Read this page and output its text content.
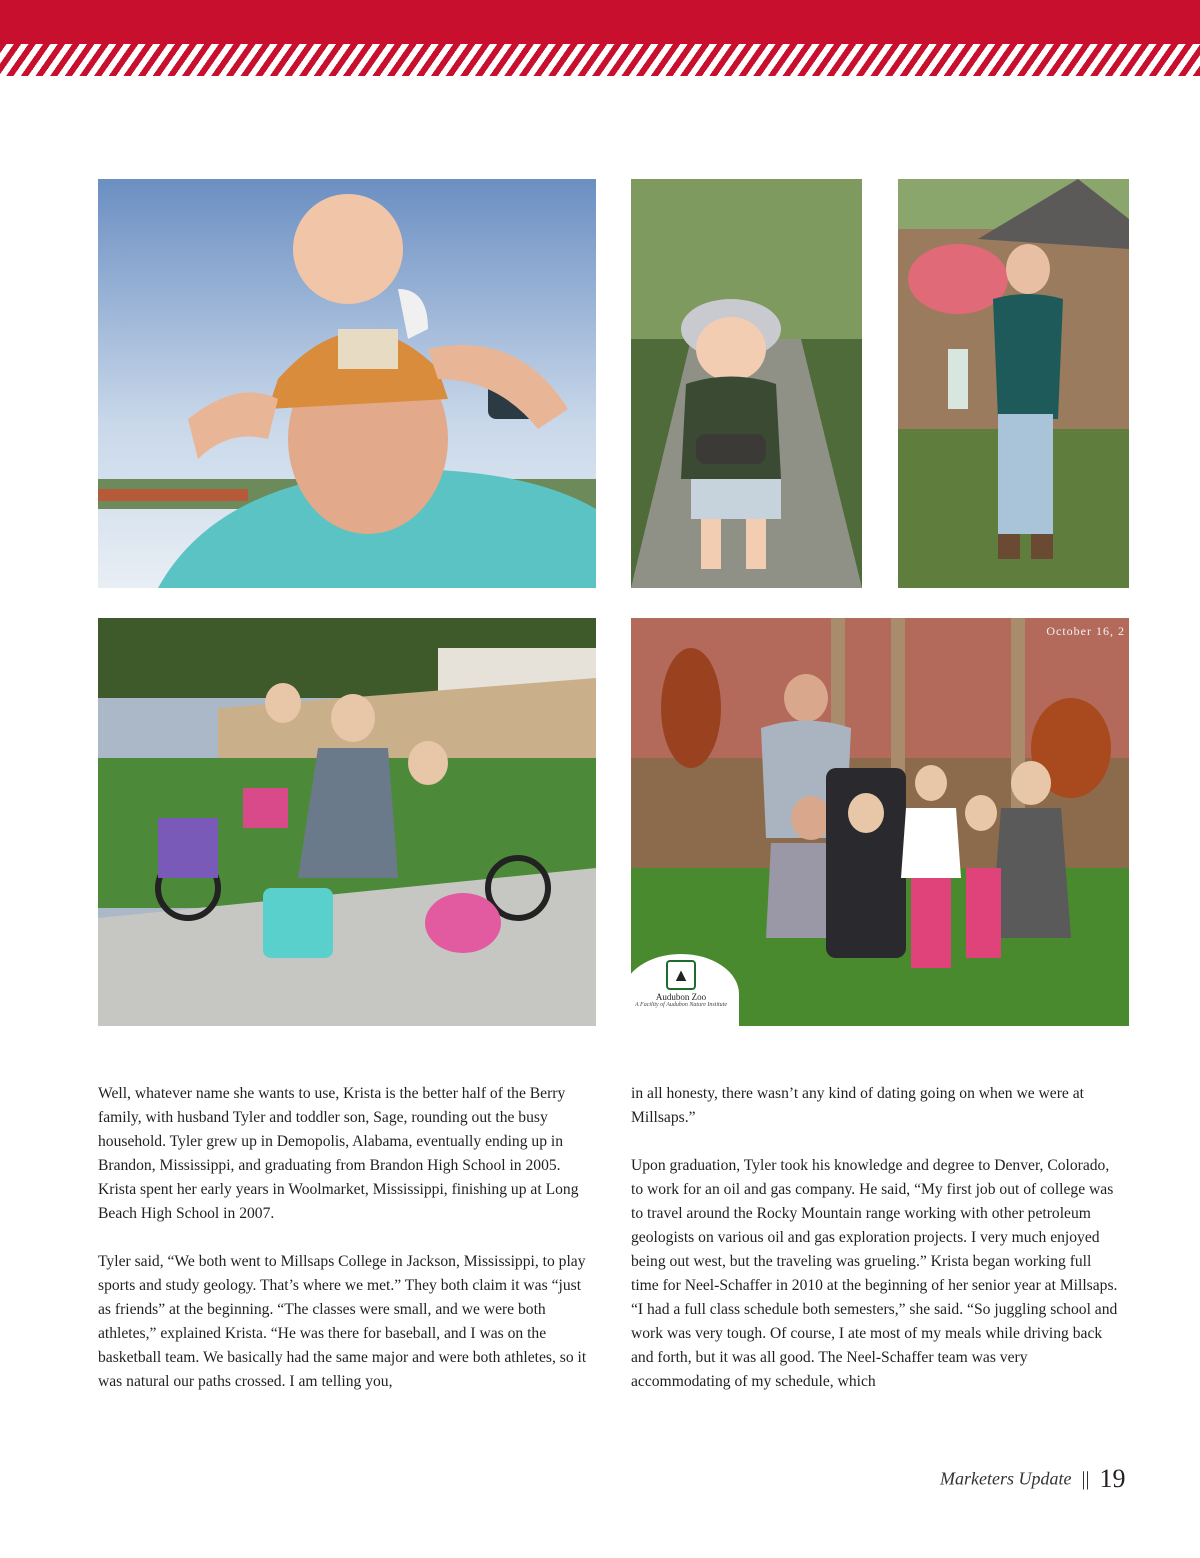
October 16, 2
▲
Audubon Zoo
A Facility of Audubon Nature Institute

Well, whatever name she wants to use, Krista is the better half of the Berry family, with husband Tyler and toddler son, Sage, rounding out the busy household. Tyler grew up in Demopolis, Alabama, eventually ending up in Brandon, Mississippi, and graduating from Brandon High School in 2005. Krista spent her early years in Woolmarket, Mississippi, finishing up at Long Beach High School in 2007.

Tyler said, “We both went to Millsaps College in Jackson, Mississippi, to play sports and study geology. That’s where we met.” They both claim it was “just as friends” at the beginning. “The classes were small, and we were both athletes,” explained Krista. “He was there for baseball, and I was on the basketball team. We basically had the same major and were both athletes, so it was natural our paths crossed. I am telling you,

in all honesty, there wasn’t any kind of dating going on when we were at Millsaps.”

Upon graduation, Tyler took his knowledge and degree to Denver, Colorado, to work for an oil and gas company. He said, “My first job out of college was to travel around the Rocky Mountain range working with other petroleum geologists on various oil and gas exploration projects. I very much enjoyed being out west, but the traveling was grueling.” Krista began working full time for Neel-Schaffer in 2010 at the beginning of her senior year at Millsaps. “I had a full class schedule both semesters,” she said. “So juggling school and work was very tough. Of course, I ate most of my meals while driving back and forth, but it was all good. The Neel-Schaffer team was very accommodating of my schedule, which

Marketers Update || 19
